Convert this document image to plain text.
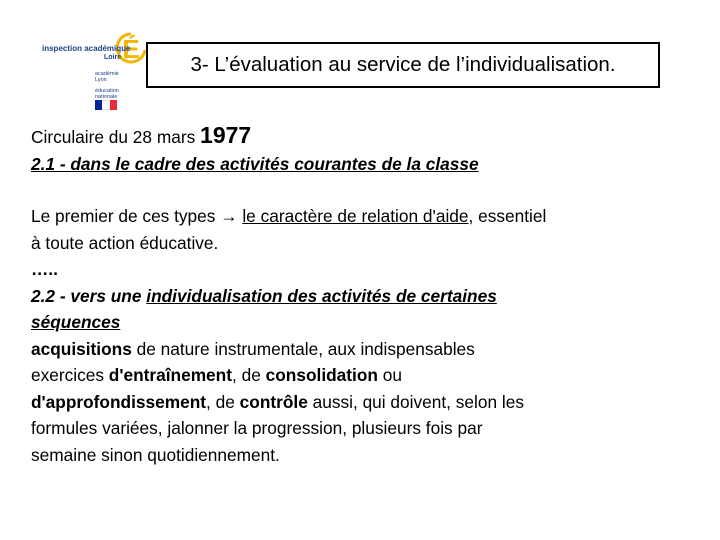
É
inspection académique
Loire
académie
Lyon
éducation
nationale
3- L’évaluation au service de l’individualisation.

Circulaire du 28 mars 1977

2.1 - dans le cadre des activités courantes de la classe

Le premier de ces types → le caractère de relation d'aide, essentiel

à toute action éducative.

…..

2.2 - vers une individualisation des activités de certaines

séquences

acquisitions de nature instrumentale, aux indispensables

exercices d'entraînement, de consolidation ou

d'approfondissement, de contrôle aussi, qui doivent, selon les

formules variées, jalonner la progression, plusieurs fois par

semaine sinon quotidiennement.
